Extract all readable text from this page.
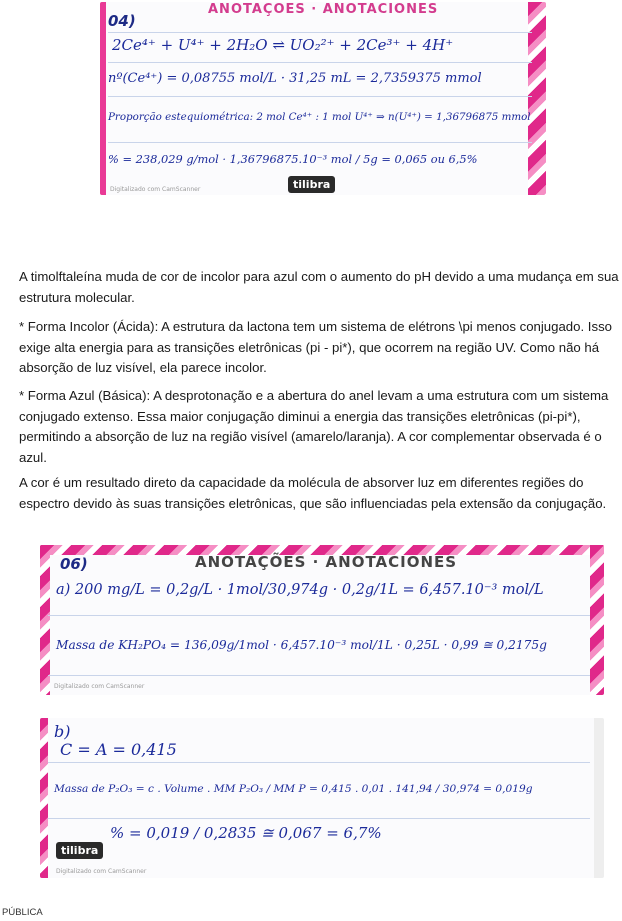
ANOTAÇÕES · ANOTACIONES
04)
2Ce⁴⁺ + U⁴⁺ + 2H₂O ⇌ UO₂²⁺ + 2Ce³⁺ + 4H⁺
nº(Ce⁴⁺) = 0,08755 mol/L · 31,25 mL = 2,7359375 mmol
Proporção estequiométrica: 2 mol Ce⁴⁺ : 1 mol U⁴⁺ ⇒ n(U⁴⁺) = 1,36796875 mmol
% = 238,029 g/mol · 1,36796875.10⁻³ mol / 5g = 0,065 ou 6,5%
tilibra
Digitalizado com CamScanner

A timolftaleína muda de cor de incolor para azul com o aumento do pH devido a uma mudança em sua estrutura molecular.

* Forma Incolor (Ácida): A estrutura da lactona tem um sistema de elétrons \pi menos conjugado. Isso exige alta energia para as transições eletrônicas (pi - pi*), que ocorrem na região UV. Como não há absorção de luz visível, ela parece incolor.

* Forma Azul (Básica): A desprotonação e a abertura do anel levam a uma estrutura com um sistema conjugado extenso. Essa maior conjugação diminui a energia das transições eletrônicas (pi-pi*), permitindo a absorção de luz na região visível (amarelo/laranja). A cor complementar observada é o azul.

A cor é um resultado direto da capacidade da molécula de absorver luz em diferentes regiões do espectro devido às suas transições eletrônicas, que são influenciadas pela extensão da conjugação.

ANOTAÇÕES · ANOTACIONES
06)
a) 200 mg/L = 0,2g/L · 1mol/30,974g · 0,2g/1L = 6,457.10⁻³ mol/L
Massa de KH₂PO₄ = 136,09g/1mol · 6,457.10⁻³ mol/1L · 0,25L · 0,99 ≅ 0,2175g
Digitalizado com CamScanner
b)
C = A = 0,415
Massa de P₂O₃ = c . Volume . MM P₂O₃ / MM P = 0,415 . 0,01 . 141,94 / 30,974 = 0,019g
% = 0,019 / 0,2835 ≅ 0,067 = 6,7%
tilibra
Digitalizado com CamScanner
PÚBLICA
